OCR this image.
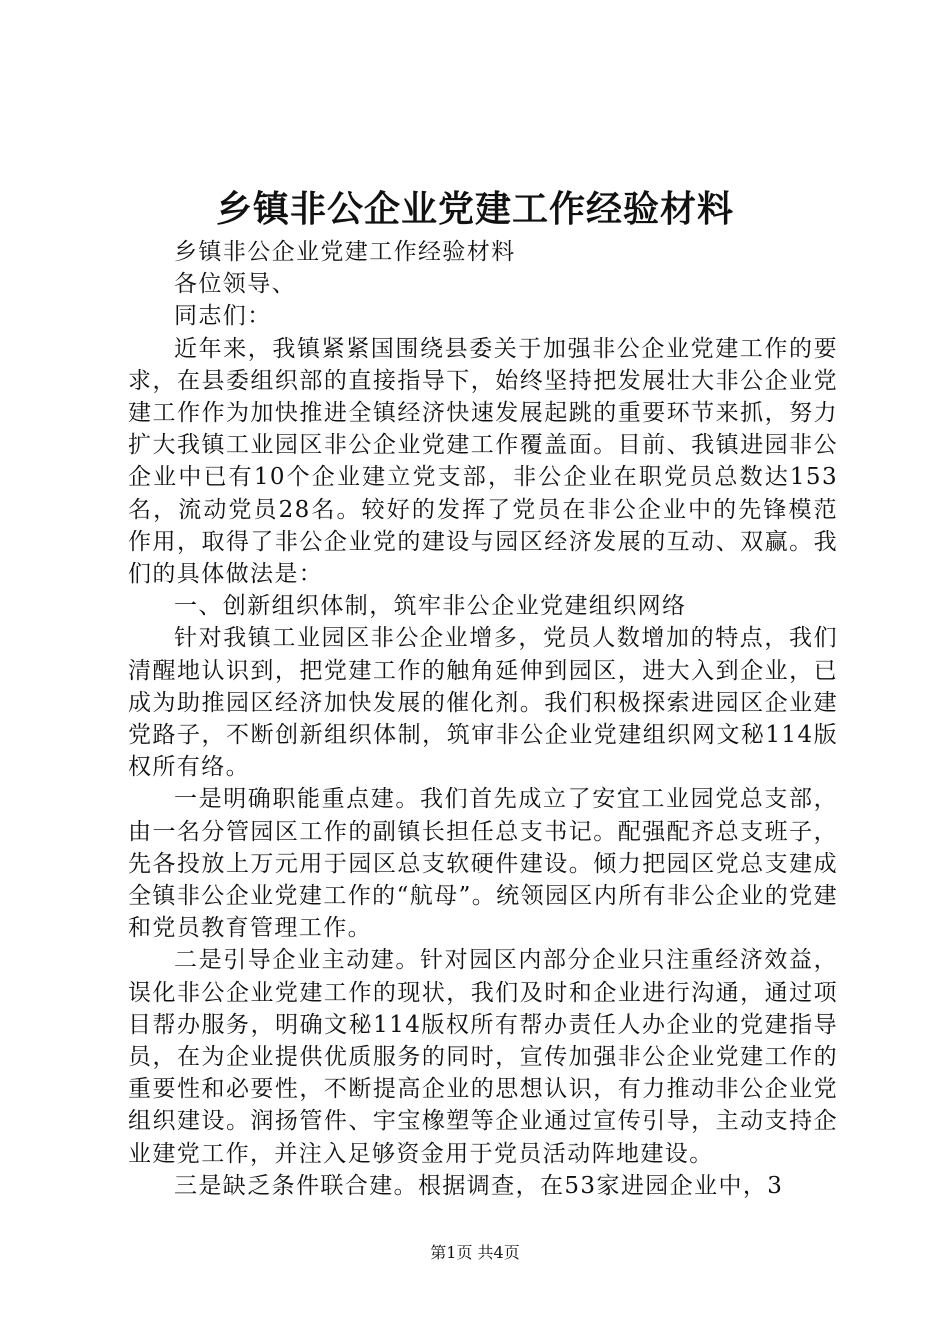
乡镇非公企业党建工作经验材料

乡镇非公企业党建工作经验材料

各位领导、

同志们：

近年来，我镇紧紧国围绕县委关于加强非公企业党建工作的要求，在县委组织部的直接指导下，始终坚持把发展壮大非公企业党建工作作为加快推进全镇经济快速发展起跳的重要环节来抓，努力扩大我镇工业园区非公企业党建工作覆盖面。目前、我镇进园非公企业中已有10个企业建立党支部，非公企业在职党员总数达153名，流动党员28名。较好的发挥了党员在非公企业中的先锋模范作用，取得了非公企业党的建设与园区经济发展的互动、双赢。我们的具体做法是：

一、创新组织体制，筑牢非公企业党建组织网络

针对我镇工业园区非公企业增多，党员人数增加的特点，我们清醒地认识到，把党建工作的触角延伸到园区，进大入到企业，已成为助推园区经济加快发展的催化剂。我们积极探索进园区企业建党路子，不断创新组织体制，筑审非公企业党建组织网文秘114版权所有络。

一是明确职能重点建。我们首先成立了安宜工业园党总支部，由一名分管园区工作的副镇长担任总支书记。配强配齐总支班子，先各投放上万元用于园区总支软硬件建设。倾力把园区党总支建成全镇非公企业党建工作的“航母”。统领园区内所有非公企业的党建和党员教育管理工作。

二是引导企业主动建。针对园区内部分企业只注重经济效益，误化非公企业党建工作的现状，我们及时和企业进行沟通，通过项目帮办服务，明确文秘114版权所有帮办责任人办企业的党建指导员，在为企业提供优质服务的同时，宣传加强非公企业党建工作的重要性和必要性，不断提高企业的思想认识，有力推动非公企业党组织建设。润扬管件、宇宝橡塑等企业通过宣传引导，主动支持企业建党工作，并注入足够资金用于党员活动阵地建设。

三是缺乏条件联合建。根据调查，在53家进园企业中，3

第1页 共4页
